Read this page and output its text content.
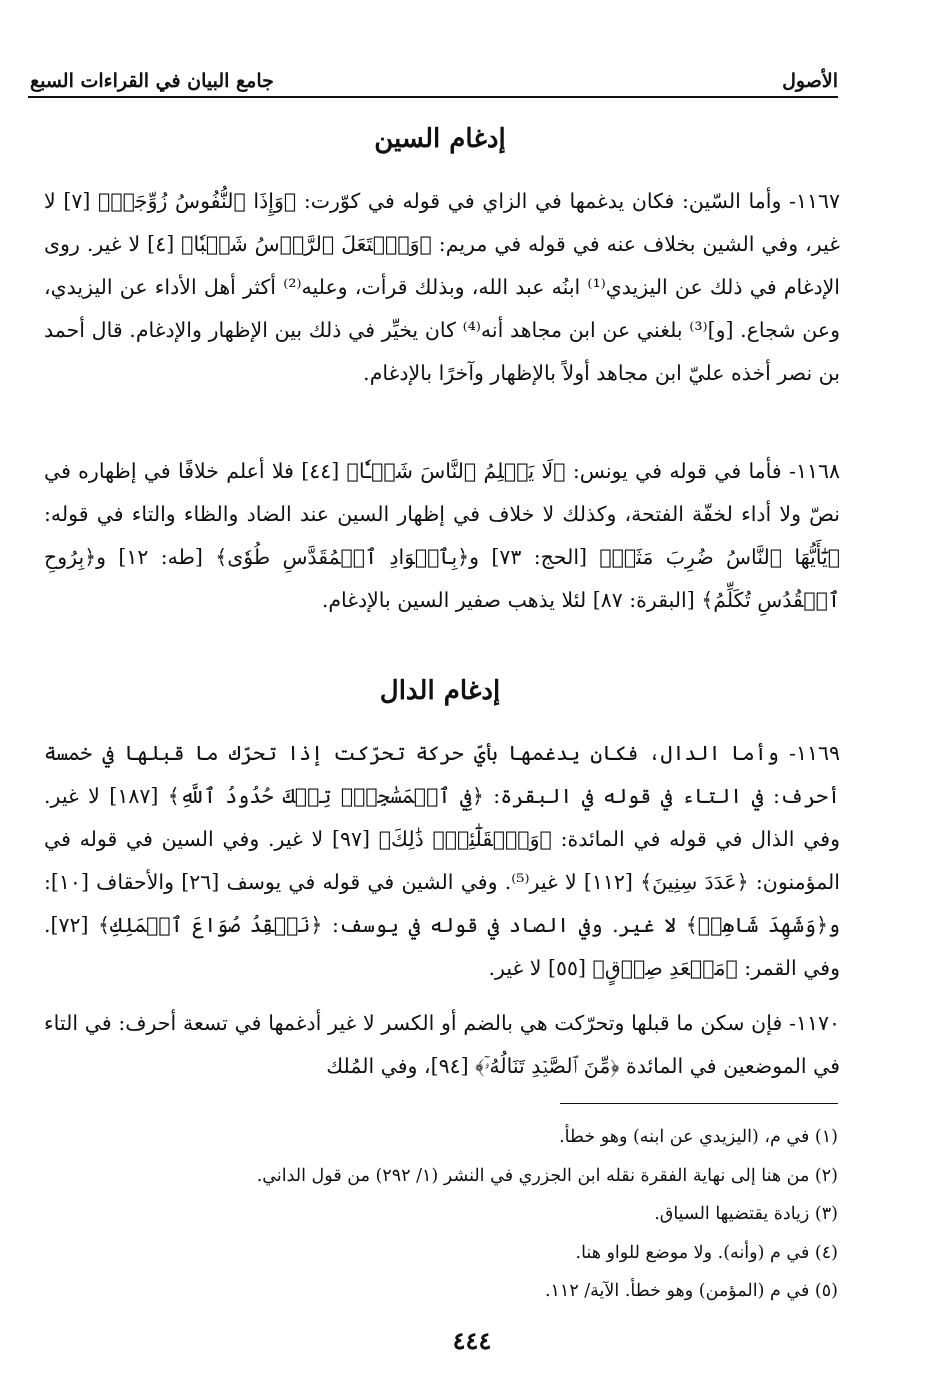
الأصول
جامع البيان في القراءات السبع
إدغام السين
١١٦٧- وأما السّين: فكان يدغمها في الزاي في قوله في كوّرت: ﴿وَإِذَا ٱلنُّفُوسُ زُوِّجَتۡ﴾ [٧] لا غير، وفي الشين بخلاف عنه في قوله في مريم: ﴿وَٱشۡتَعَلَ ٱلرَّأۡسُ شَيۡبٗا﴾ [٤] لا غير. روى الإدغام في ذلك عن اليزيدي⁽¹⁾ ابنُه عبد الله، وبذلك قرأت، وعليه⁽²⁾ أكثر أهل الأداء عن اليزيدي، وعن شجاع. [و]⁽³⁾ بلغني عن ابن مجاهد أنه⁽⁴⁾ كان يخيِّر في ذلك بين الإظهار والإدغام. قال أحمد بن نصر أخذه عليّ ابن مجاهد أولاً بالإظهار وآخرًا بالإدغام.
١١٦٨- فأما في قوله في يونس: ﴿لَا يَظۡلِمُ ٱلنَّاسَ شَيۡـٔٗا﴾ [٤٤] فلا أعلم خلافًا في إظهاره في نصّ ولا أداء لخفّة الفتحة، وكذلك لا خلاف في إظهار السين عند الضاد والظاء والتاء في قوله: ﴿يَٰٓأَيُّهَا ٱلنَّاسُ ضُرِبَ مَثَلٞ﴾ [الحج: ٧٣] و﴿بِٱلۡوَادِ ٱلۡمُقَدَّسِ طُوٗى﴾ [طه: ١٢] و﴿بِرُوحِ ٱلۡقُدُسِ تُكَلِّمُ﴾ [البقرة: ٨٧] لئلا يذهب صفير السين بالإدغام.
إدغام الدال
١١٦٩- وأما الدال، فكان يدغمها بأيّ حركة تحرّكت إذا تحرّك ما قبلها في خمسة أحرف: في التاء في قوله في البقرة: ﴿فِي ٱلۡمَسَٰجِدِۗ تِلۡكَ حُدُودُ ٱللَّهِ﴾ [١٨٧] لا غير. وفي الذال في قوله في المائدة: ﴿وَٱلۡقَلَٰٓئِدَۚ ذَٰلِكَ﴾ [٩٧] لا غير. وفي السين في قوله في المؤمنون: ﴿عَدَدَ سِنِينَ﴾ [١١٢] لا غير⁽⁵⁾. وفي الشين في قوله في يوسف [٢٦] والأحقاف [١٠]: و﴿وَشَهِدَ شَاهِدٞ﴾ لا غير. وفي الصاد في قوله في يوسف: ﴿نَفۡقِدُ صُوَاعَ ٱلۡمَلِكِ﴾ [٧٢]. وفي القمر: ﴿مَقۡعَدِ صِدۡقٍ﴾ [٥٥] لا غير.
١١٧٠- فإن سكن ما قبلها وتحرّكت هي بالضم أو الكسر لا غير أدغمها في تسعة أحرف: في التاء في الموضعين في المائدة ﴿مِّنَ ٱلصَّيۡدِ تَنَالُهُۥٓ﴾ [٩٤]، وفي المُلك
(١) في م، (اليزيدي عن ابنه) وهو خطأ.
(٢) من هنا إلى نهاية الفقرة نقله ابن الجزري في النشر (١/ ٢٩٢) من قول الداني.
(٣) زيادة يقتضيها السياق.
(٤) في م (وأنه). ولا موضع للواو هنا.
(٥) في م (المؤمن) وهو خطأ. الآية/ ١١٢.
٤٤٤
